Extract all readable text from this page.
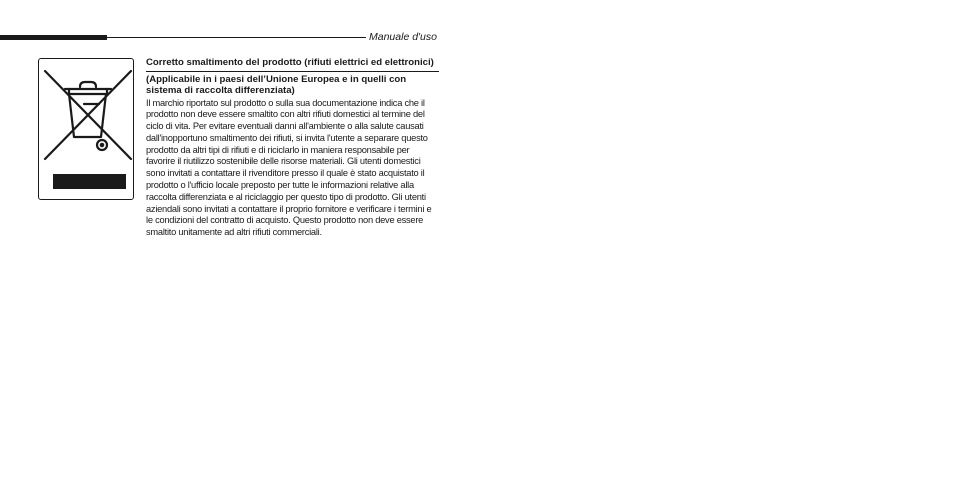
Manuale d'uso
Corretto smaltimento del prodotto (rifiuti elettrici ed elettronici)
(Applicabile in i paesi dell’Unione Europea e in quelli con sistema di raccolta differenziata)
Il marchio riportato sul prodotto o sulla sua documentazione indica che il prodotto non deve essere smaltito con altri rifiuti domestici al termine del ciclo di vita. Per evitare eventuali danni all'ambiente o alla salute causati dall'inopportuno smaltimento dei rifiuti, si invita l'utente a separare questo prodotto da altri tipi di rifiuti e di riciclarlo in maniera responsabile per favorire il riutilizzo sostenibile delle risorse materiali. Gli utenti domestici sono invitati a contattare il rivenditore presso il quale è stato acquistato il prodotto o l'ufficio locale preposto per tutte le informazioni relative alla raccolta differenziata e al riciclaggio per questo tipo di prodotto. Gli utenti aziendali sono invitati a contattare il proprio fornitore e verificare i termini e le condizioni del contratto di acquisto. Questo prodotto non deve essere smaltito unitamente ad altri rifiuti commerciali.
